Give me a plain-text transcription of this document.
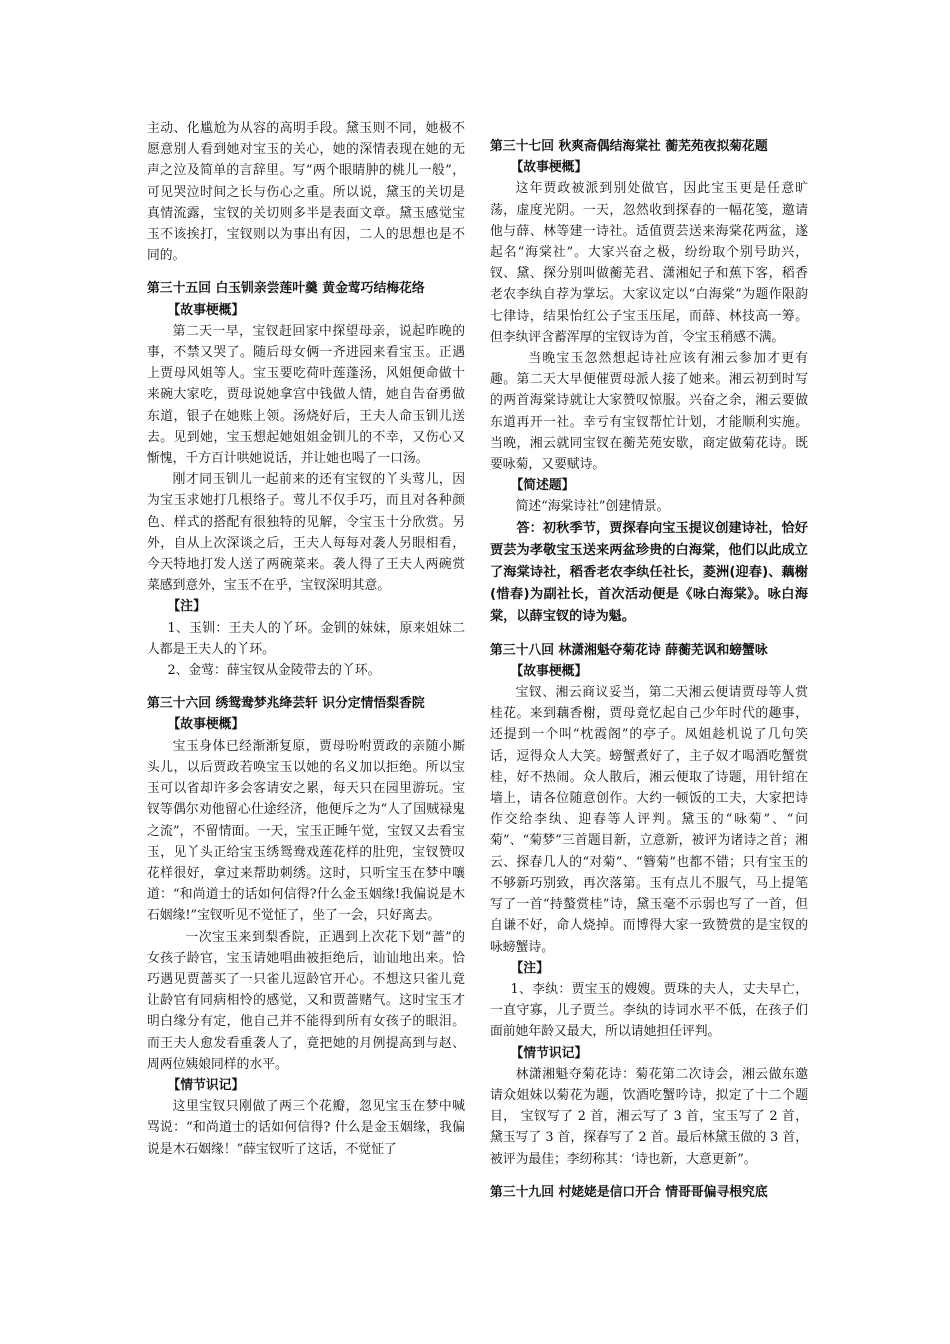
主动、化尴尬为从容的高明手段。黛玉则不同，她极不愿意别人看到她对宝玉的关心，她的深情表现在她的无声之泣及简单的言辞里。写“两个眼睛肿的桃儿一般”，可见哭泣时间之长与伤心之重。所以说，黛玉的关切是真情流露，宝钗的关切则多半是表面文章。黛玉感觉宝玉不该挨打，宝钗则以为事出有因，二人的思想也是不同的。

第三十五回 白玉钏亲尝莲叶羹 黄金莺巧结梅花络

【故事梗概】

第二天一早，宝钗赶回家中探望母亲，说起昨晚的事，不禁又哭了。随后母女俩一齐进园来看宝玉。正遇上贾母风姐等人。宝玉要吃荷叶莲蓬汤，风姐便命做十来碗大家吃，贾母说她拿宫中钱做人情，她自告奋勇做东道，银子在她账上领。汤烧好后，王夫人命玉钏儿送去。见到她，宝玉想起她姐姐金钏儿的不幸，又伤心又惭愧，千方百计哄她说话，并让她也喝了一口汤。

刚才同玉钏儿一起前来的还有宝钗的丫头莺儿，因为宝玉求她打几根络子。莺儿不仅手巧，而且对各种颜色、样式的搭配有很独特的见解，令宝玉十分欣赏。另外，自从上次深谈之后，王夫人每每对袭人另眼相看，今天特地打发人送了两碗菜来。袭人得了王夫人两碗赏菜感到意外，宝玉不在乎，宝钗深明其意。

【注】

1、玉钏：王夫人的丫环。金钏的妹妹，原来姐妹二人都是王夫人的丫环。

2、金莺：薛宝钗从金陵带去的丫环。

第三十六回 绣鸳鸯梦兆绛芸轩 识分定情悟梨香院

【故事梗概】

宝玉身体已经渐渐复原，贾母吩咐贾政的亲随小厮头儿，以后贾政若唤宝玉以她的名义加以拒绝。所以宝玉可以省却许多会客请安之累，每天只在园里游玩。宝钗等偶尔劝他留心仕途经济，他便斥之为“人了国贼禄鬼之流”，不留情面。一天，宝玉正睡午觉，宝钗又去看宝玉，见丫头正给宝玉绣鸳鸯戏莲花样的肚兜，宝钗赞叹花样很好，拿过来帮助刺绣。这时，只听宝玉在梦中嚷道：“和尚道士的话如何信得?什么金玉姻缘!我偏说是木石姻缘!”宝钗听见不觉怔了，坐了一会，只好离去。

一次宝玉来到梨香院，正遇到上次花下划“蔷”的女孩子龄官，宝玉请她唱曲被拒绝后，讪讪地出来。恰巧遇见贾蔷买了一只雀儿逗龄官开心。不想这只雀儿竟让龄官有同病相怜的感觉，又和贾蔷赌气。这时宝玉才明白缘分有定，他自己并不能得到所有女孩子的眼泪。而王夫人愈发看重袭人了，竟把她的月例提高到与赵、周两位姨娘同样的水平。

【情节识记】

这里宝钗只刚做了两三个花瓣，忽见宝玉在梦中喊骂说：“和尚道士的话如何信得? 什么是金玉姻缘，我偏说是木石姻缘！”薛宝钗听了这话，不觉怔了

第三十七回 秋爽斋偶结海棠社 蘅芜苑夜拟菊花题

【故事梗概】

这年贾政被派到别处做官，因此宝玉更是任意旷荡，虚度光阴。一天，忽然收到探春的一幅花笺，邀请他与薛、林等建一诗社。适值贾芸送来海棠花两盆，遂起名“海棠社”。大家兴奋之极，纷纷取个别号助兴，钗、黛、探分别叫做蘅芜君、潇湘妃子和蕉下客，稻香老农李纨自荐为掌坛。大家议定以“白海棠”为题作限韵七律诗，结果怡红公子宝玉压尾，而薛、林技高一筹。但李纨评含蓄浑厚的宝钗诗为首，令宝玉稍感不满。

当晚宝玉忽然想起诗社应该有湘云参加才更有趣。第二天大早便催贾母派人接了她来。湘云初到时写的两首海棠诗就让大家赞叹惊服。兴奋之余，湘云要做东道再开一社。幸亏有宝钗帮忙计划，才能顺利实施。当晚，湘云就同宝钗在蘅芜苑安歇，商定做菊花诗。既要咏菊，又要赋诗。

【简述题】

简述“海棠诗社”创建情景。

答：初秋季节，贾探春向宝玉提议创建诗社，恰好贾芸为孝敬宝玉送来两盆珍贵的白海棠，他们以此成立了海棠诗社，稻香老农李纨任社长，菱洲(迎春)、藕榭(惜春)为副社长，首次活动便是《咏白海棠》。咏白海棠，以薛宝钗的诗为魁。

第三十八回 林潇湘魁夺菊花诗 薛蘅芜讽和螃蟹咏

【故事梗概】

宝钗、湘云商议妥当，第二天湘云便请贾母等人赏桂花。来到藕香榭，贾母竟忆起自己少年时代的趣事，还提到一个叫“枕霞阁”的亭子。凤姐趁机说了几句笑话，逗得众人大笑。螃蟹煮好了，主子奴才喝酒吃蟹赏桂，好不热闹。众人散后，湘云便取了诗题，用针绾在墙上，请各位随意创作。大约一顿饭的工夫，大家把诗作交给李纨、迎春等人评判。黛玉的“咏菊”、“问菊”、“菊梦”三首题目新，立意新，被评为诸诗之首；湘云、探春几人的“对菊”、“簪菊”也都不错；只有宝玉的不够新巧别致，再次落第。玉有点儿不服气，马上提笔写了一首“持螯赏桂”诗，黛玉毫不示弱也写了一首，但自谦不好，命人烧掉。而博得大家一致赞赏的是宝钗的咏螃蟹诗。

【注】

1、李纨：贾宝玉的嫂嫂。贾珠的夫人，丈夫早亡，一直守寡，儿子贾兰。李纨的诗词水平不低，在孩子们面前她年龄又最大，所以请她担任评判。

【情节识记】

林潇湘魁夺菊花诗：菊花第二次诗会，湘云做东邀请众姐妹以菊花为题，饮酒吃蟹吟诗，拟定了十二个题目， 宝钗写了 2 首，湘云写了 3 首，宝玉写了 2 首，黛玉写了 3 首，探春写了 2 首。最后林黛玉做的 3 首，被评为最佳；李纫称其：‘诗也新，大意更新”。

第三十九回 村姥姥是信口开合 情哥哥偏寻根究底
